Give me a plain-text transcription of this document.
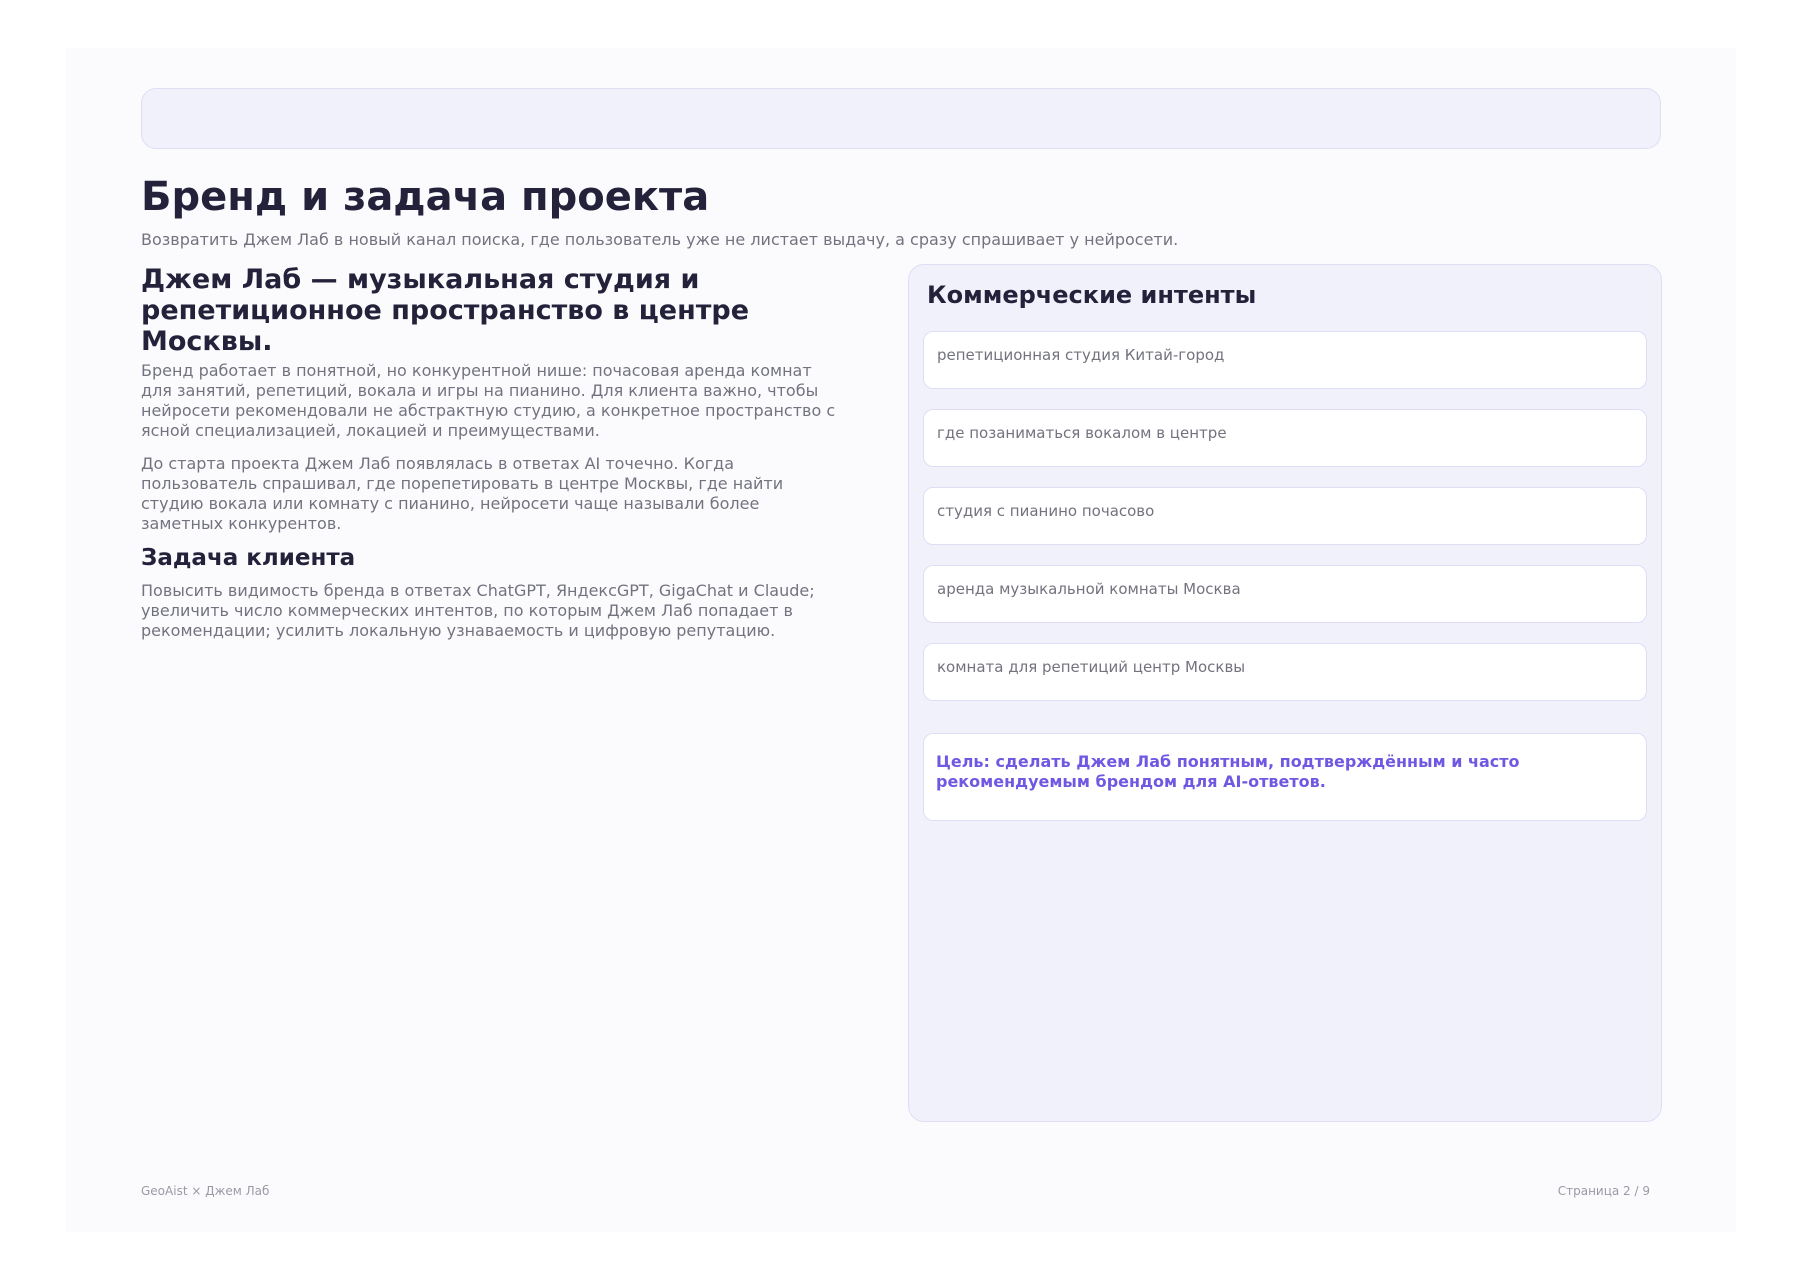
Бренд и задача проекта
Возвратить Джем Лаб в новый канал поиска, где пользователь уже не листает выдачу, а сразу спрашивает у нейросети.
Джем Лаб — музыкальная студия и репетиционное пространство в центре Москвы.

Бренд работает в понятной, но конкурентной нише: почасовая аренда комнат для занятий, репетиций, вокала и игры на пианино. Для клиента важно, чтобы нейросети рекомендовали не абстрактную студию, а конкретное пространство с ясной специализацией, локацией и преимуществами.

До старта проекта Джем Лаб появлялась в ответах AI точечно. Когда пользователь спрашивал, где порепетировать в центре Москвы, где найти студию вокала или комнату с пианино, нейросети чаще называли более заметных конкурентов.

Задача клиента

Повысить видимость бренда в ответах ChatGPT, ЯндексGPT, GigaChat и Claude; увеличить число коммерческих интентов, по которым Джем Лаб попадает в рекомендации; усилить локальную узнаваемость и цифровую репутацию.

Коммерческие интенты
репетиционная студия Китай-город
где позаниматься вокалом в центре
студия с пианино почасово
аренда музыкальной комнаты Москва
комната для репетиций центр Москвы
Цель: сделать Джем Лаб понятным, подтверждённым и часто рекомендуемым брендом для AI-ответов.
GeoAist × Джем Лаб	Страница 2 / 9
